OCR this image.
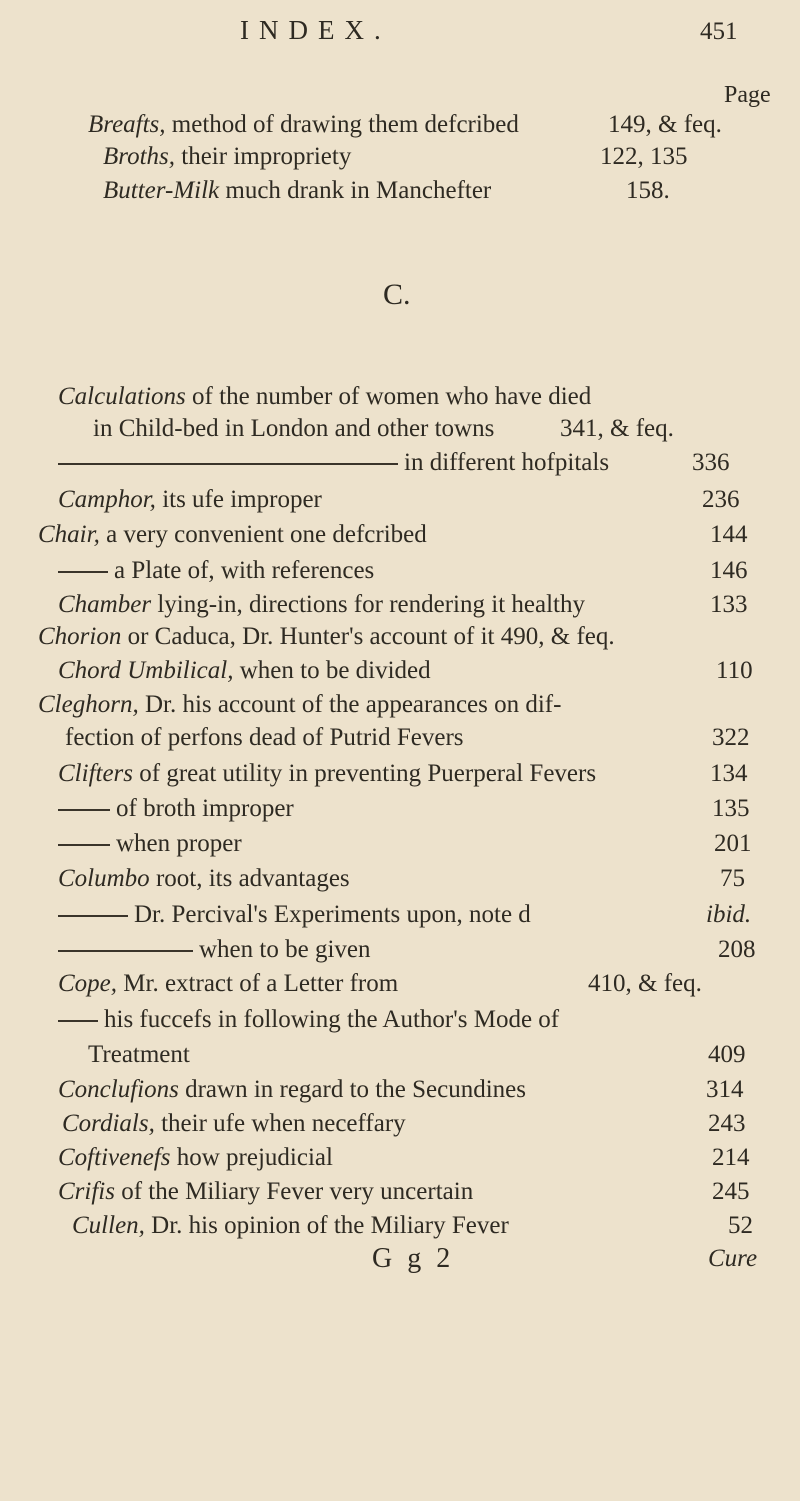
INDEX.	451
Page
Breafts, method of drawing them defcribed	149, & feq.
Broths, their impropriety	122, 135
Butter-Milk much drank in Manchefter	158.
C.
Calculations of the number of women who have died
in Child-bed in London and other towns	341, & feq.
in different hofpitals	336
Camphor, its ufe improper	236
Chair, a very convenient one defcribed	144
a Plate of, with references	146
Chamber lying-in, directions for rendering it healthy	133
Chorion or Caduca, Dr. Hunter's account of it 490, & feq.
Chord Umbilical, when to be divided	110
Cleghorn, Dr. his account of the appearances on dif-
fection of perfons dead of Putrid Fevers	322
Clifters of great utility in preventing Puerperal Fevers	134
of broth improper	135
when proper	201
Columbo root, its advantages	75
Dr. Percival's Experiments upon, note d	ibid.
when to be given	208
Cope, Mr. extract of a Letter from	410, & feq.
his fuccefs in following the Author's Mode of
Treatment	409
Conclufions drawn in regard to the Secundines	314
Cordials, their ufe when neceffary	243
Coftivenefs how prejudicial	214
Crifis of the Miliary Fever very uncertain	245
Cullen, Dr. his opinion of the Miliary Fever	52
G g 2	Cure
